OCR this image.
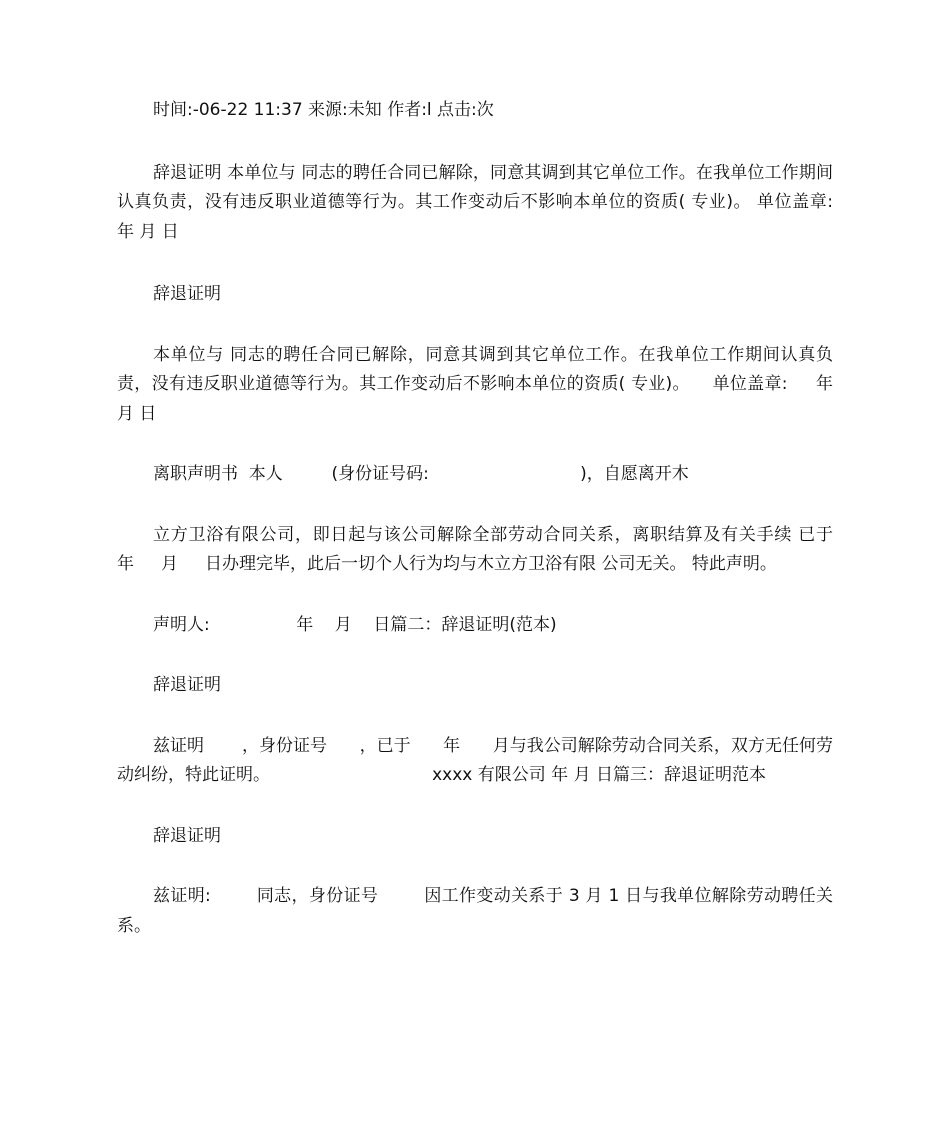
时间:-06-22 11:37 来源:未知 作者:l 点击:次

辞退证明 本单位与 同志的聘任合同已解除，同意其调到其它单位工作。在我单位工作期间认真负责，没有违反职业道德等行为。其工作变动后不影响本单位的资质( 专业)。 单位盖章:   年 月 日

辞退证明

本单位与 同志的聘任合同已解除，同意其调到其它单位工作。在我单位工作期间认真负责，没有违反职业道德等行为。其工作变动后不影响本单位的资质( 专业)。    单位盖章:     年 月 日

离职声明书  本人         (身份证号码:                            )，自愿离开木

立方卫浴有限公司，即日起与该公司解除全部劳动合同关系，离职结算及有关手续 已于        年     月     日办理完毕，此后一切个人行为均与木立方卫浴有限 公司无关。 特此声明。

声明人:                年    月    日篇二：辞退证明(范本)

辞退证明

兹证明       ，身份证号      ，已于      年      月与我公司解除劳动合同关系，双方无任何劳动纠纷，特此证明。                              xxxx 有限公司 年 月 日篇三：辞退证明范本

辞退证明

兹证明:        同志，身份证号        因工作变动关系于 3 月 1 日与我单位解除劳动聘任关系。
